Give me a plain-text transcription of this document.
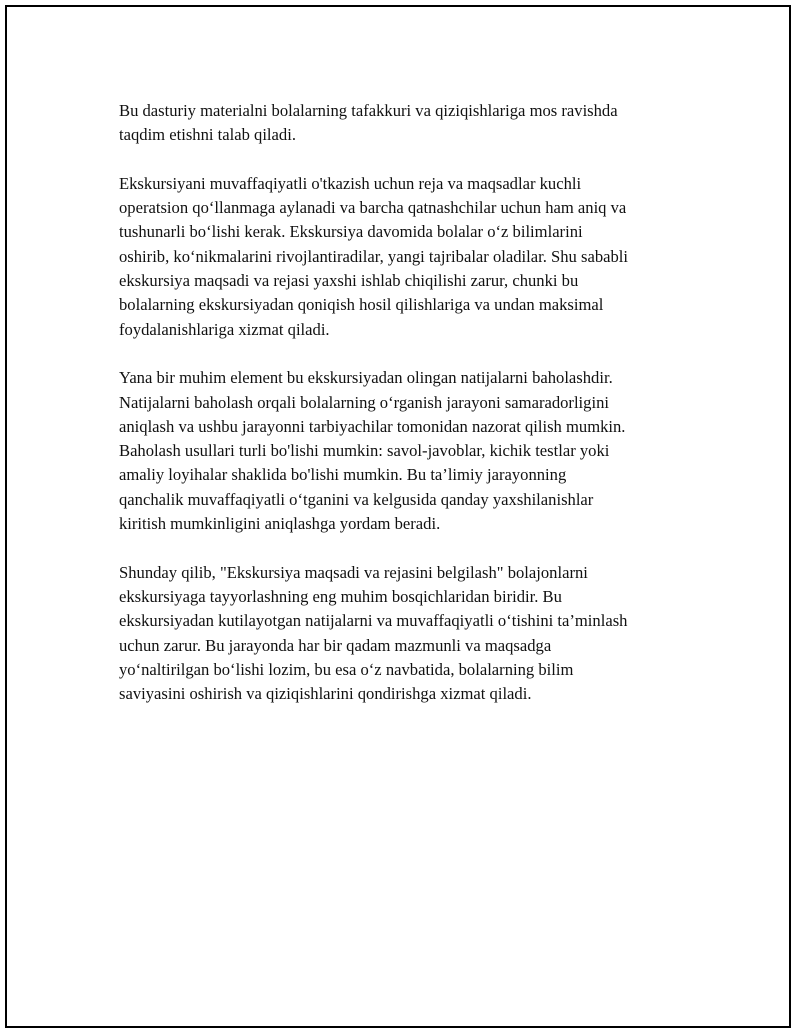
Bu dasturiy materialni bolalarning tafakkuri va qiziqishlariga mos ravishda
taqdim etishni talab qiladi.

Ekskursiyani muvaffaqiyatli o'tkazish uchun reja va maqsadlar kuchli
operatsion qo‘llanmaga aylanadi va barcha qatnashchilar uchun ham aniq va
tushunarli bo‘lishi kerak. Ekskursiya davomida bolalar o‘z bilimlarini
oshirib, ko‘nikmalarini rivojlantiradilar, yangi tajribalar oladilar. Shu sababli
ekskursiya maqsadi va rejasi yaxshi ishlab chiqilishi zarur, chunki bu
bolalarning ekskursiyadan qoniqish hosil qilishlariga va undan maksimal
foydalanishlariga xizmat qiladi.

Yana bir muhim element bu ekskursiyadan olingan natijalarni baholashdir.
Natijalarni baholash orqali bolalarning o‘rganish jarayoni samaradorligini
aniqlash va ushbu jarayonni tarbiyachilar tomonidan nazorat qilish mumkin.
Baholash usullari turli bo'lishi mumkin: savol-javoblar, kichik testlar yoki
amaliy loyihalar shaklida bo'lishi mumkin. Bu ta’limiy jarayonning
qanchalik muvaffaqiyatli o‘tganini va kelgusida qanday yaxshilanishlar
kiritish mumkinligini aniqlashga yordam beradi.

Shunday qilib, "Ekskursiya maqsadi va rejasini belgilash" bolajonlarni
ekskursiyaga tayyorlashning eng muhim bosqichlaridan biridir. Bu
ekskursiyadan kutilayotgan natijalarni va muvaffaqiyatli o‘tishini ta’minlash
uchun zarur. Bu jarayonda har bir qadam mazmunli va maqsadga
yo‘naltirilgan bo‘lishi lozim, bu esa o‘z navbatida, bolalarning bilim
saviyasini oshirish va qiziqishlarini qondirishga xizmat qiladi.
